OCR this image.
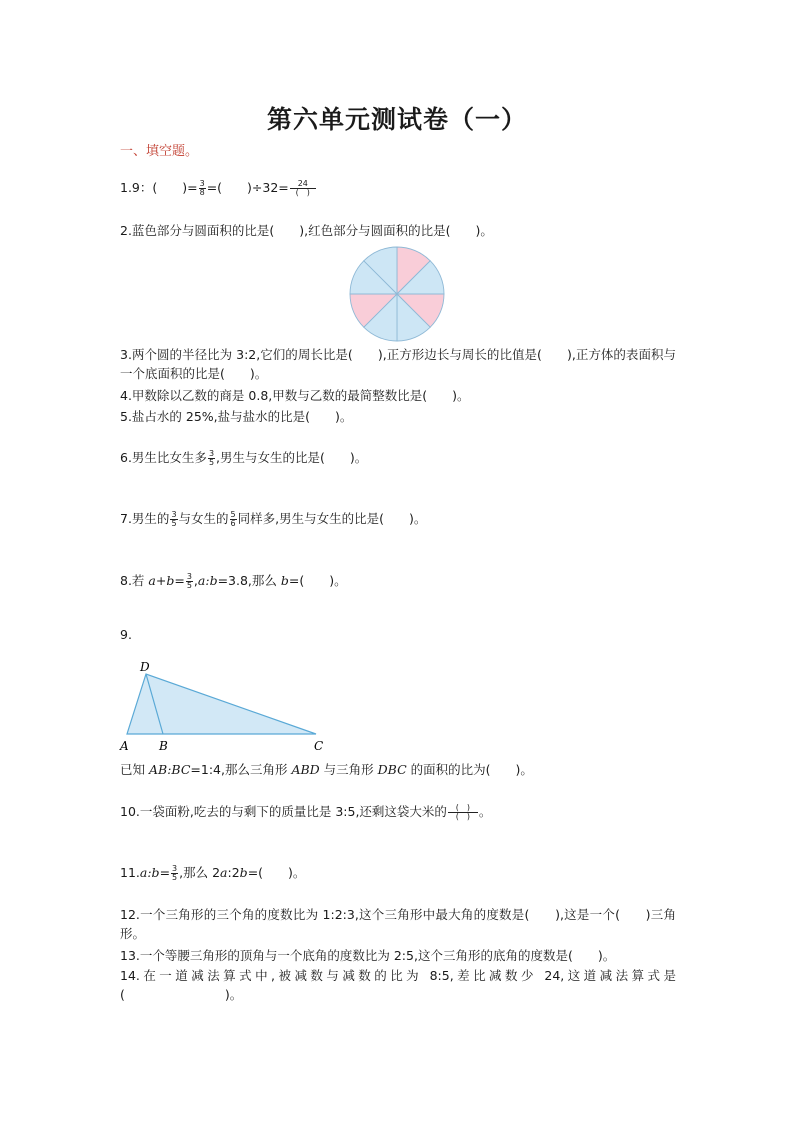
第六单元测试卷（一）
一、填空题。
1.9：(　　)= $\frac{3}{8}$ =(　　)$\div 32= \frac{24}{( )}$
2.蓝色部分与圆面积的比是(　　),红色部分与圆面积的比是(　　)。
3.两个圆的半径比为 3:2,它们的周长比是(　　),正方形边长与周长的比值是(　　),正方体的表面积与一个底面积的比是(　　)。
4.甲数除以乙数的商是 0.8,甲数与乙数的最简整数比是(　　)。
5.盐占水的 25%,盐与盐水的比是(　　)。
6.男生比女生多 $\frac{3}{5}$ ,男生与女生的比是(　　)。
7.男生的 $\frac{3}{5}$ 与女生的 $\frac{5}{6}$ 同样多,男生与女生的比是(　　)。
8.若 $a+b= \frac{3}{5}$ ,a:b=3.8,那么 b=(　　)。
9.
D
A	B	C
已知 AB:BC=1:4,那么三角形 ABD 与三角形 DBC 的面积的比为(　　)。
10.一袋面粉,吃去的与剩下的质量比是 3:5,还剩这袋大米的 $\frac{( )}{( )}$ 。
11.a:b= $\frac{3}{5}$ ,那么 2a:2b=(　　)。
12.一个三角形的三个角的度数比为 1:2:3,这个三角形中最大角的度数是(　　),这是一个(　　)三角形。
13.一个等腰三角形的顶角与一个底角的度数比为 2:5,这个三角形的底角的度数是(　　)。
14.在一道减法算式中,被减数与减数的比为 8:5,差比减数少 24,这道减法算式是(　　　　　　　　)。
